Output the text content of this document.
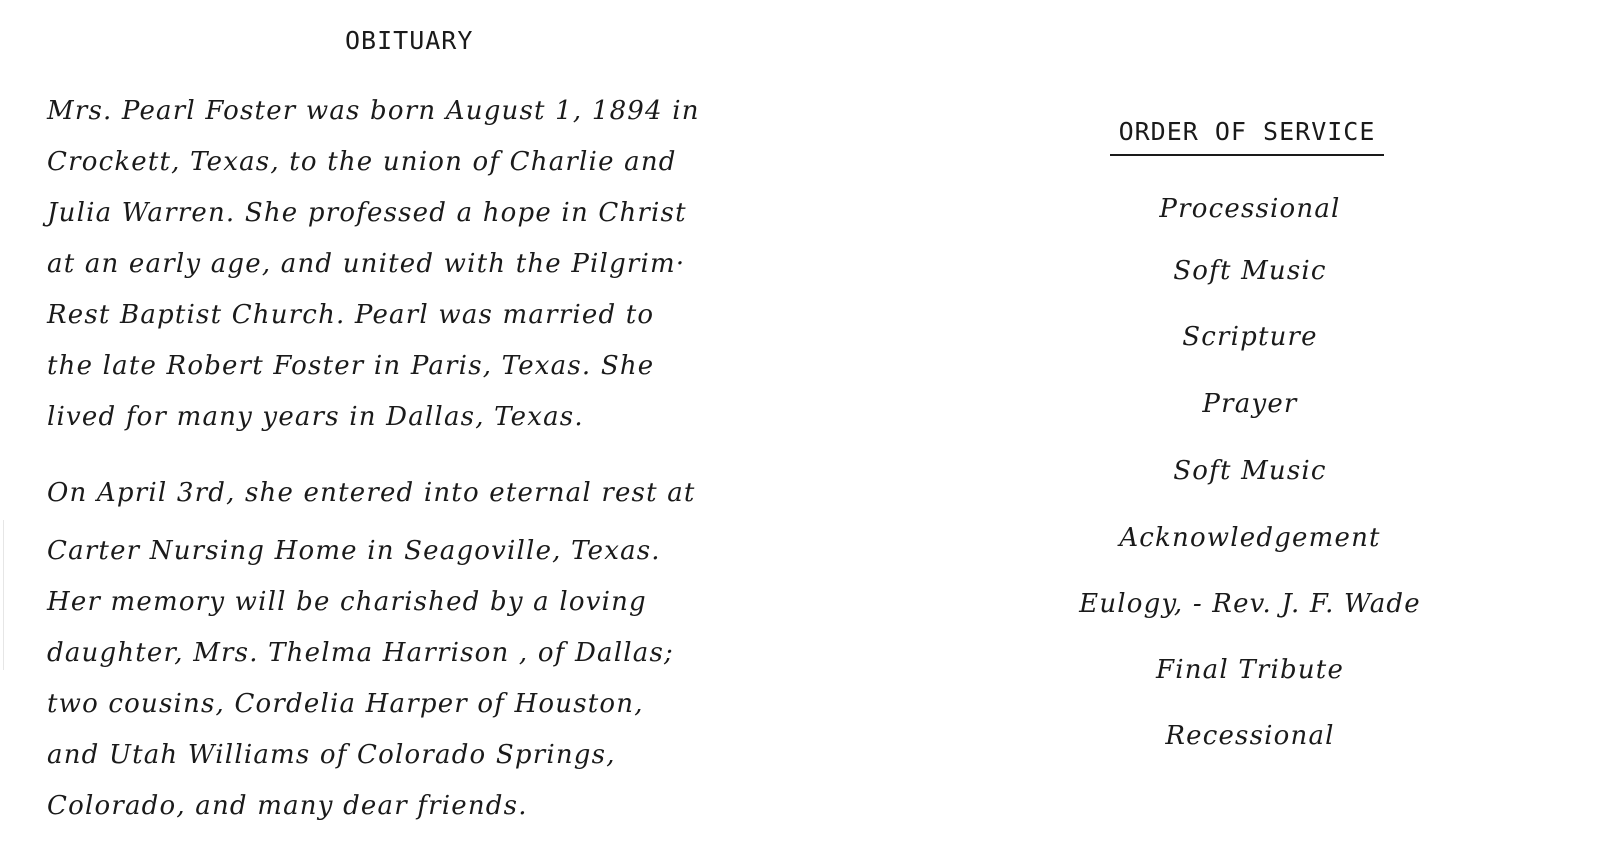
OBITUARY
Mrs. Pearl Foster was born August 1, 1894 in
Crockett, Texas, to the union of Charlie and
Julia Warren. She professed a hope in Christ
at an early age, and united with the Pilgrim·
Rest Baptist Church. Pearl was married to
the late Robert Foster in Paris, Texas. She
lived for many years in Dallas, Texas.
On April 3rd, she entered into eternal rest at
Carter Nursing Home in Seagoville, Texas.
Her memory will be charished by a loving
daughter, Mrs. Thelma Harrison , of Dallas;
two cousins, Cordelia Harper of Houston,
and Utah Williams of Colorado Springs,
Colorado, and many dear friends.
ORDER OF SERVICE
Processional
Soft Music
Scripture
Prayer
Soft Music
Acknowledgement
Eulogy, - Rev. J. F. Wade
Final Tribute
Recessional
